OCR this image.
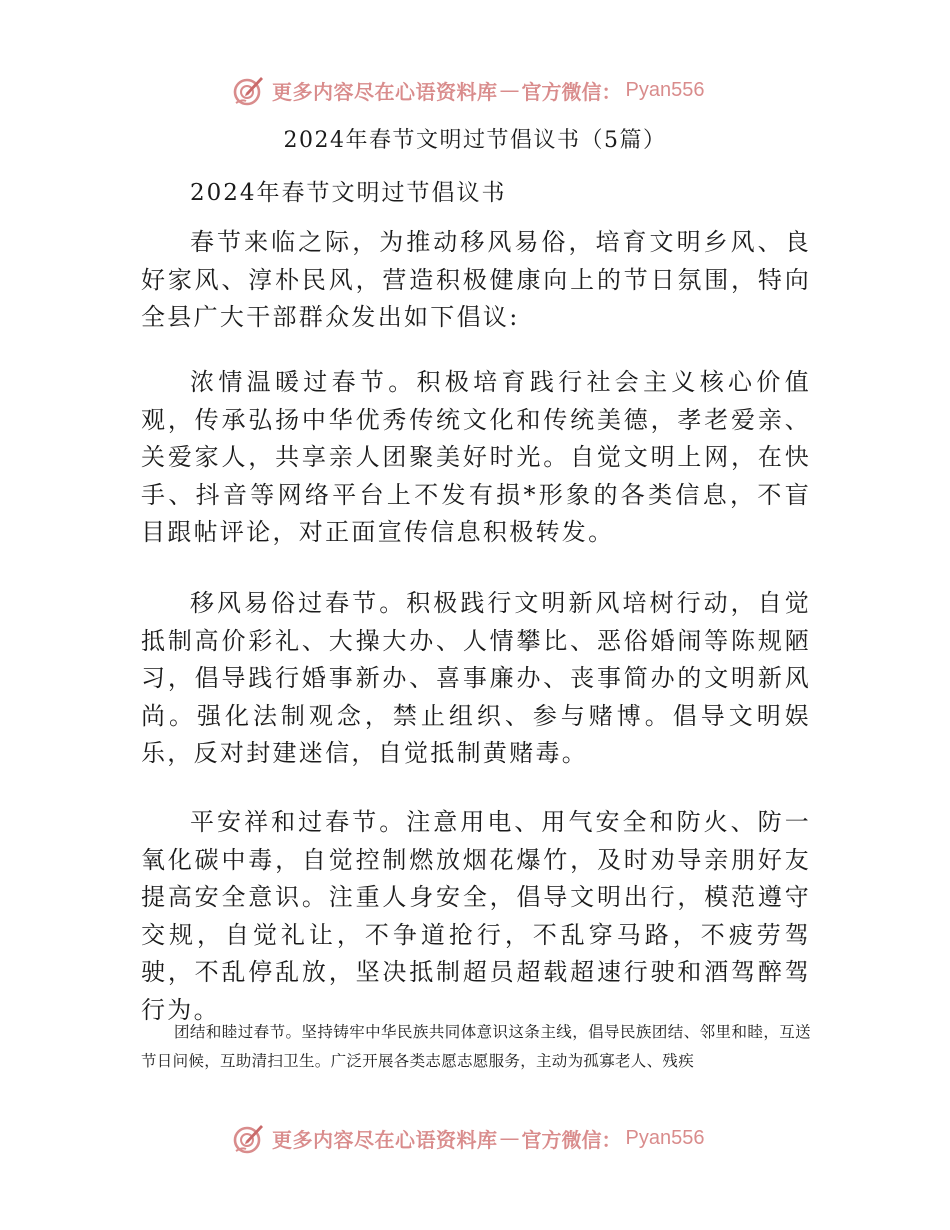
更多内容尽在心语资料库 — 官方微信： Pyan556
2024年春节文明过节倡议书（5篇）
2024年春节文明过节倡议书

春节来临之际，为推动移风易俗，培育文明乡风、良好家风、淳朴民风，营造积极健康向上的节日氛围，特向全县广大干部群众发出如下倡议:

浓情温暖过春节。积极培育践行社会主义核心价值观，传承弘扬中华优秀传统文化和传统美德，孝老爱亲、关爱家人，共享亲人团聚美好时光。自觉文明上网，在快手、抖音等网络平台上不发有损*形象的各类信息，不盲目跟帖评论，对正面宣传信息积极转发。

移风易俗过春节。积极践行文明新风培树行动，自觉抵制高价彩礼、大操大办、人情攀比、恶俗婚闹等陈规陋习，倡导践行婚事新办、喜事廉办、丧事简办的文明新风尚。强化法制观念，禁止组织、参与赌博。倡导文明娱乐，反对封建迷信，自觉抵制黄赌毒。

平安祥和过春节。注意用电、用气安全和防火、防一氧化碳中毒，自觉控制燃放烟花爆竹，及时劝导亲朋好友提高安全意识。注重人身安全，倡导文明出行，模范遵守交规，自觉礼让，不争道抢行，不乱穿马路，不疲劳驾驶，不乱停乱放，坚决抵制超员超载超速行驶和酒驾醉驾行为。

团结和睦过春节。坚持铸牢中华民族共同体意识这条主线，倡导民族团结、邻里和睦，互送节日问候，互助清扫卫生。广泛开展各类志愿志愿服务，主动为孤寡老人、残疾

更多内容尽在心语资料库 — 官方微信： Pyan556
